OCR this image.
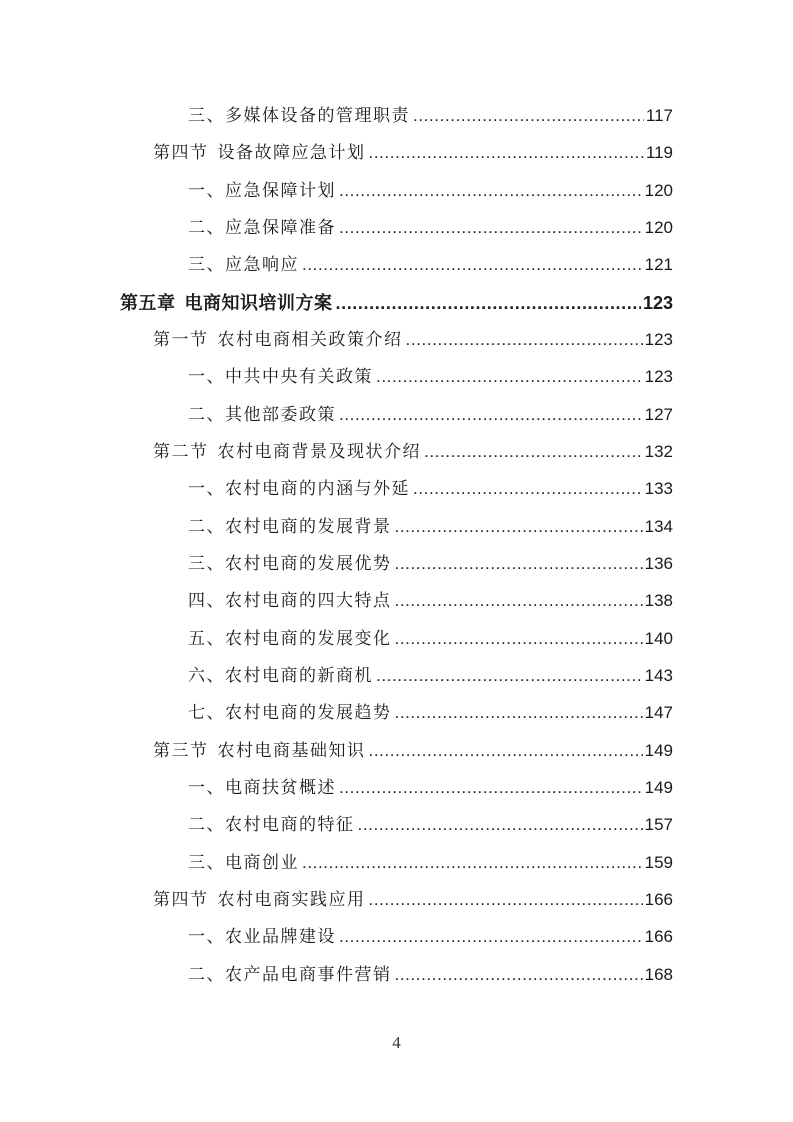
三、 多媒体设备的管理职责 .....	117
第四节 设备故障应急计划 .....	119
一、 应急保障计划 .....	120
二、 应急保障准备 .....	120
三、 应急响应 .....	121
第五章 电商知识培训方案 .....	123
第一节 农村电商相关政策介绍 .....	123
一、 中共中央有关政策 .....	123
二、 其他部委政策 .....	127
第二节 农村电商背景及现状介绍 .....	132
一、 农村电商的内涵与外延 .....	133
二、 农村电商的发展背景 .....	134
三、 农村电商的发展优势 .....	136
四、 农村电商的四大特点 .....	138
五、 农村电商的发展变化 .....	140
六、 农村电商的新商机 .....	143
七、 农村电商的发展趋势 .....	147
第三节 农村电商基础知识 .....	149
一、 电商扶贫概述 .....	149
二、 农村电商的特征 .....	157
三、 电商创业 .....	159
第四节 农村电商实践应用 .....	166
一、 农业品牌建设 .....	166
二、 农产品电商事件营销 .....	168
4
